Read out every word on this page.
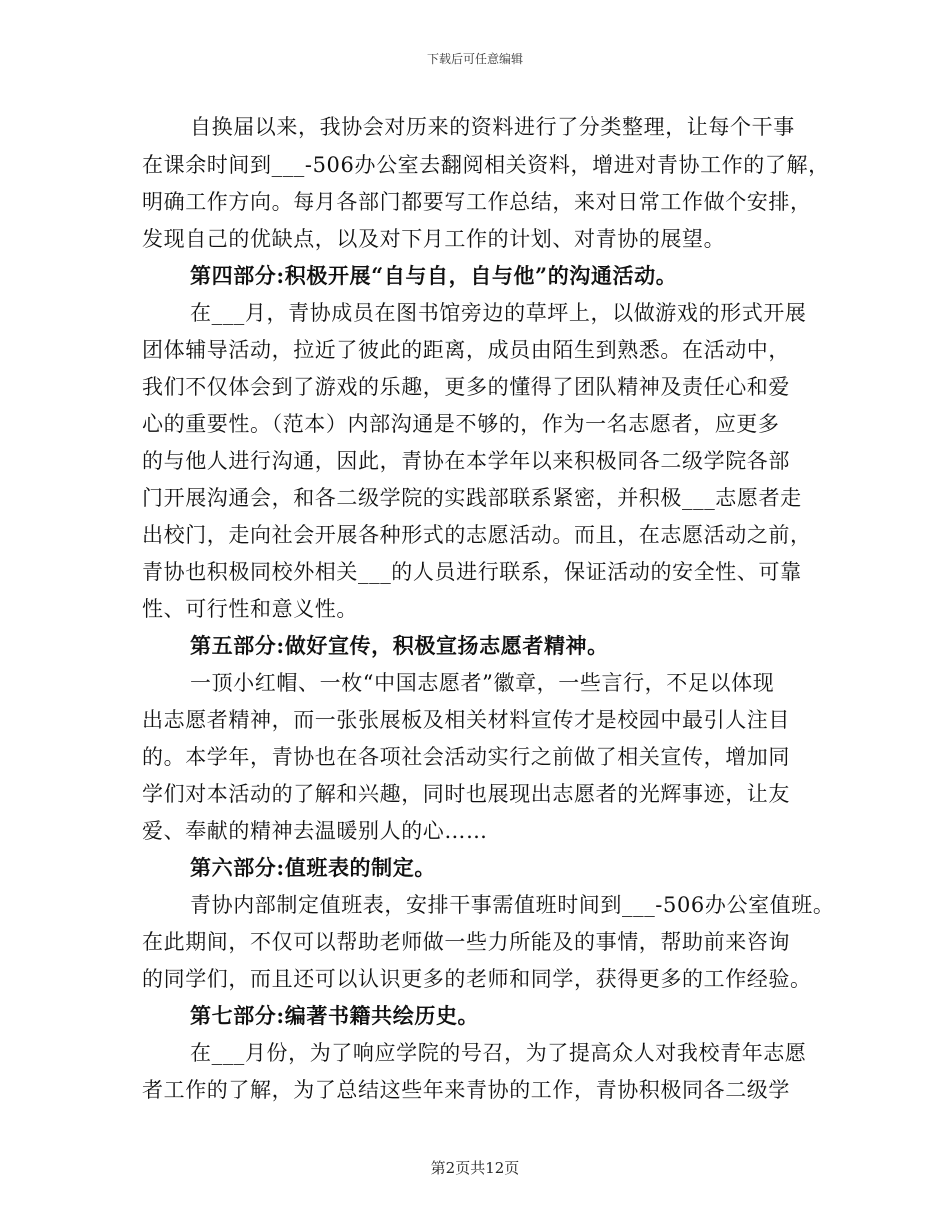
下载后可任意编辑
自换届以来，我协会对历来的资料进行了分类整理，让每个干事
在课余时间到___-506办公室去翻阅相关资料，增进对青协工作的了解，
明确工作方向。每月各部门都要写工作总结，来对日常工作做个安排，
发现自己的优缺点，以及对下月工作的计划、对青协的展望。
第四部分:积极开展“自与自，自与他”的沟通活动。
在___月，青协成员在图书馆旁边的草坪上，以做游戏的形式开展
团体辅导活动，拉近了彼此的距离，成员由陌生到熟悉。在活动中，
我们不仅体会到了游戏的乐趣，更多的懂得了团队精神及责任心和爱
心的重要性。（范本）内部沟通是不够的，作为一名志愿者，应更多
的与他人进行沟通，因此，青协在本学年以来积极同各二级学院各部
门开展沟通会，和各二级学院的实践部联系紧密，并积极___志愿者走
出校门，走向社会开展各种形式的志愿活动。而且，在志愿活动之前，
青协也积极同校外相关___的人员进行联系，保证活动的安全性、可靠
性、可行性和意义性。
第五部分:做好宣传，积极宣扬志愿者精神。
一顶小红帽、一枚“中国志愿者”徽章，一些言行，不足以体现
出志愿者精神，而一张张展板及相关材料宣传才是校园中最引人注目
的。本学年，青协也在各项社会活动实行之前做了相关宣传，增加同
学们对本活动的了解和兴趣，同时也展现出志愿者的光辉事迹，让友
爱、奉献的精神去温暖别人的心……
第六部分:值班表的制定。
青协内部制定值班表，安排干事需值班时间到___-506办公室值班。
在此期间，不仅可以帮助老师做一些力所能及的事情，帮助前来咨询
的同学们，而且还可以认识更多的老师和同学，获得更多的工作经验。
第七部分:编著书籍共绘历史。
在___月份，为了响应学院的号召，为了提高众人对我校青年志愿
者工作的了解，为了总结这些年来青协的工作，青协积极同各二级学
第2页共12页
